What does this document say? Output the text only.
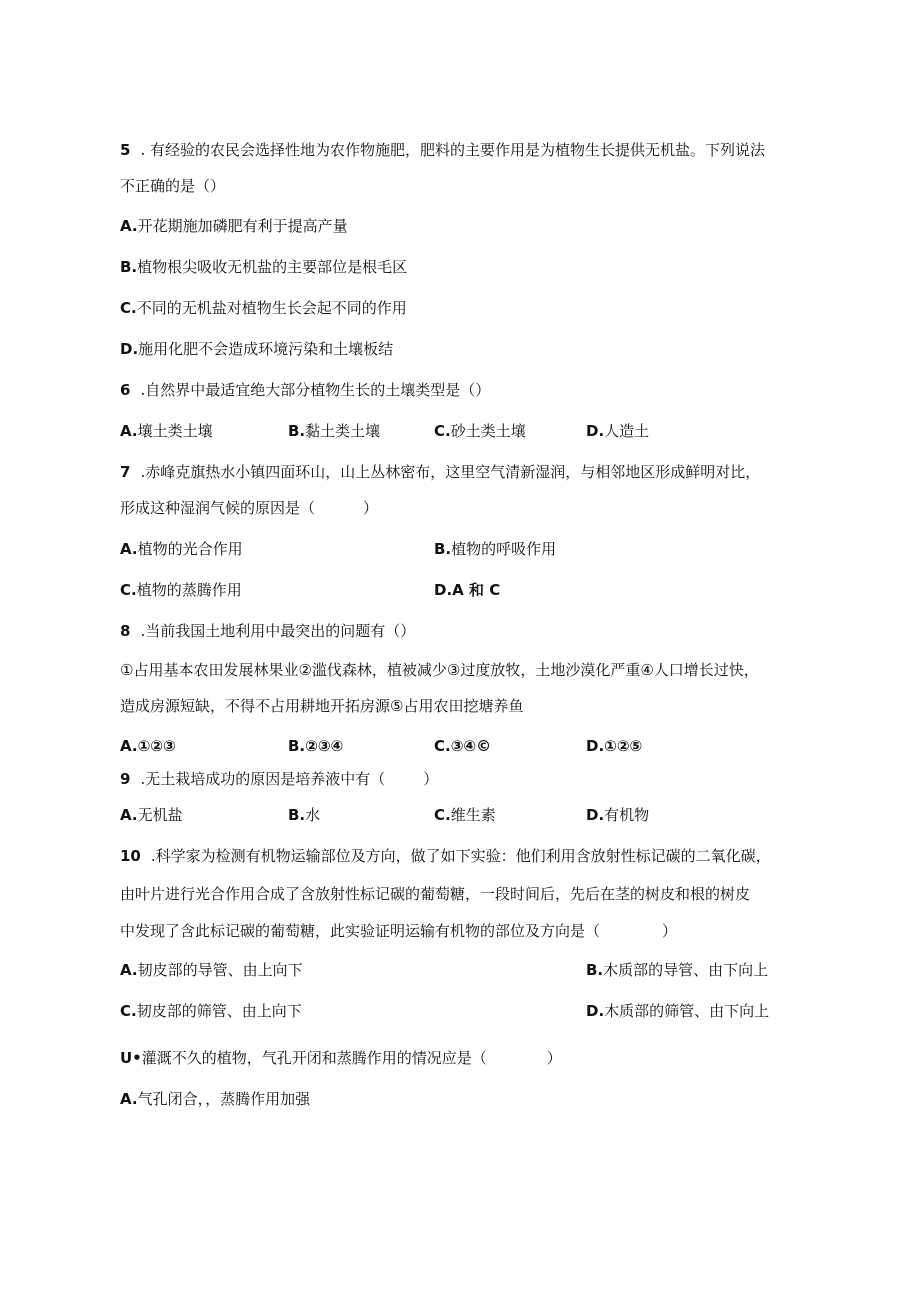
5 . 有经验的农民会选择性地为农作物施肥，肥料的主要作用是为植物生长提供无机盐。下列说法
不正确的是（）
A.开花期施加磷肥有利于提高产量
B.植物根尖吸收无机盐的主要部位是根毛区
C.不同的无机盐对植物生长会起不同的作用
D.施用化肥不会造成环境污染和土壤板结
6 .自然界中最适宜绝大部分植物生长的土壤类型是（）
A.壤土类土壤	B.黏土类土壤	C.砂土类土壤	D.人造土
7 .赤峰克旗热水小镇四面环山，山上丛林密布，这里空气清新湿润，与相邻地区形成鲜明对比，
形成这种湿润气候的原因是（	）
A.植物的光合作用	B.植物的呼吸作用
C.植物的蒸腾作用	D.A 和 C
8 .当前我国土地利用中最突出的问题有（）
①占用基本农田发展林果业②滥伐森林，植被减少③过度放牧，土地沙漠化严重④人口增长过快，
造成房源短缺，不得不占用耕地开拓房源⑤占用农田挖塘养鱼
A.①②③	B.②③④	C.③④©	D.①②⑤
9 .无土栽培成功的原因是培养液中有（	）
A.无机盐	B.水	C.维生素	D.有机物
10 .科学家为检测有机物运输部位及方向，做了如下实验：他们利用含放射性标记碳的二氧化碳，
由叶片进行光合作用合成了含放射性标记碳的葡萄糖，一段时间后，先后在茎的树皮和根的树皮
中发现了含此标记碳的葡萄糖，此实验证明运输有机物的部位及方向是（	）
A.韧皮部的导管、由上向下	B.木质部的导管、由下向上
C.韧皮部的筛管、由上向下	D.木质部的筛管、由下向上
U•灌溉不久的植物，气孔开闭和蒸腾作用的情况应是（	）
A.气孔闭合，，蒸腾作用加强
